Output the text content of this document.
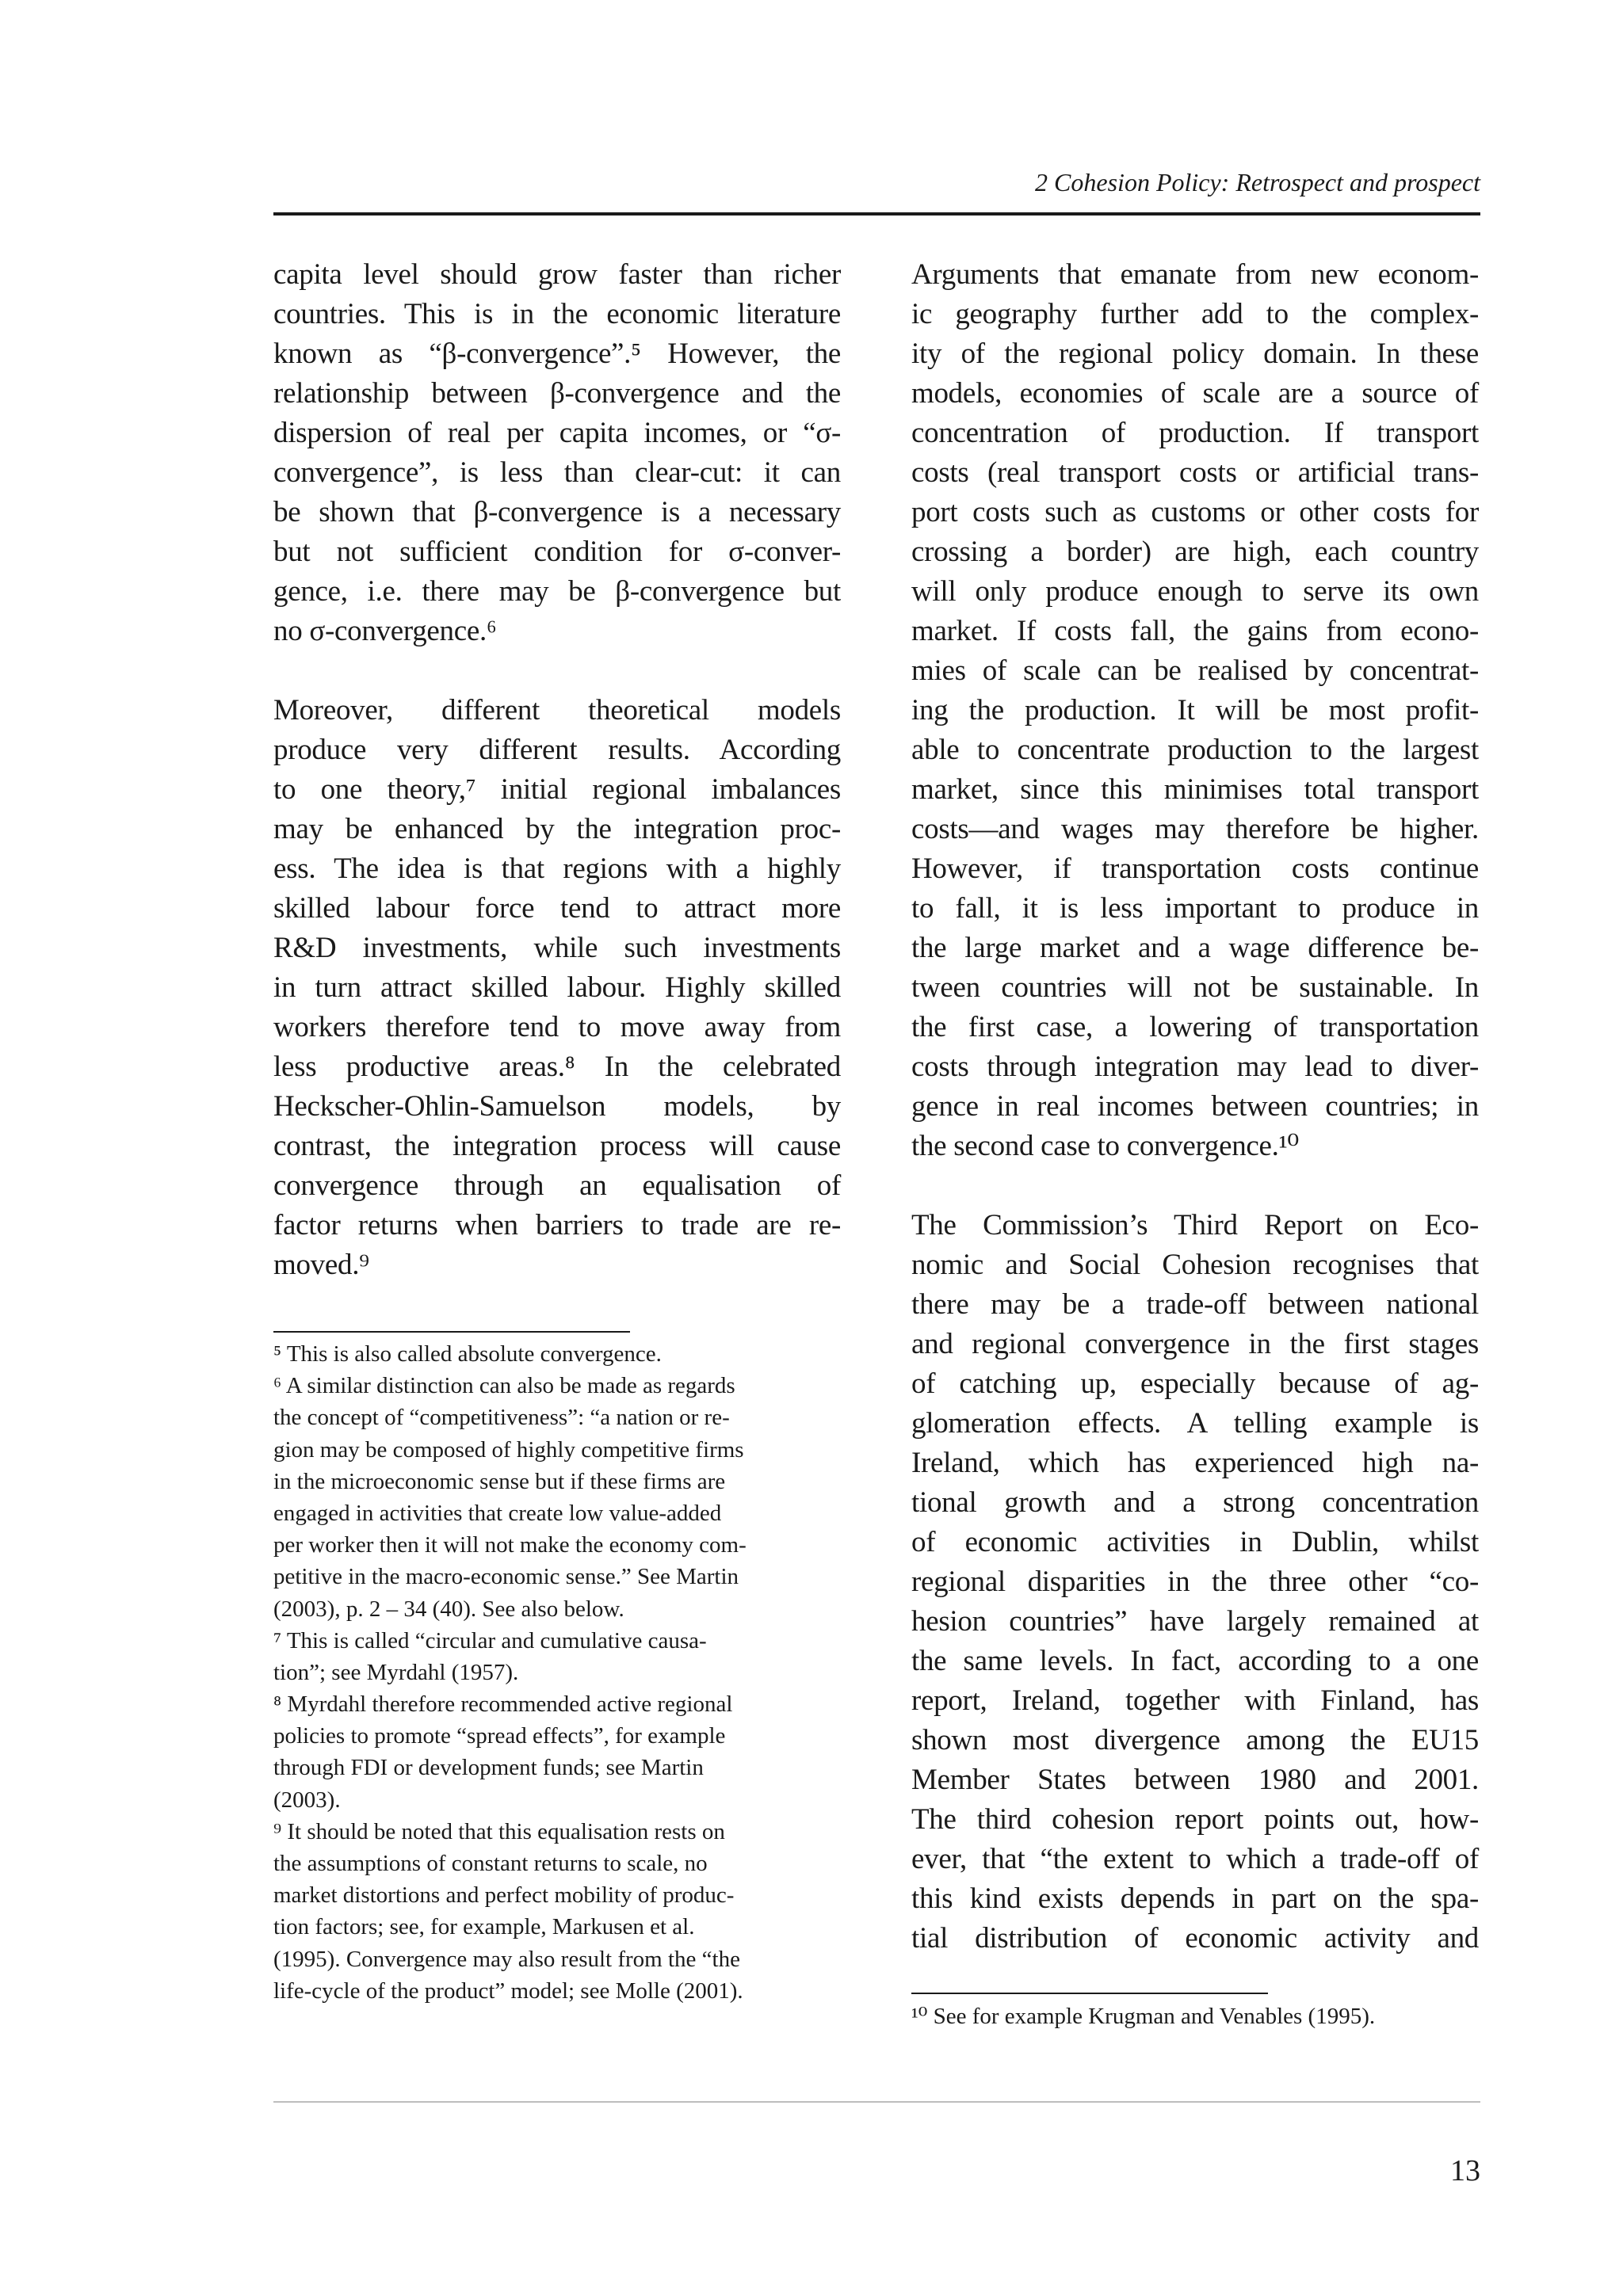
2 Cohesion Policy: Retrospect and prospect
capita level should grow faster than richer
countries. This is in the economic literature
known as “β-convergence”.⁵ However, the
relationship between β-convergence and the
dispersion of real per capita incomes, or “σ-
convergence”, is less than clear-cut: it can
be shown that β-convergence is a necessary
but not sufficient condition for σ-conver-
gence, i.e. there may be β-convergence but
no σ-convergence.⁶
Moreover, different theoretical models
produce very different results. According
to one theory,⁷ initial regional imbalances
may be enhanced by the integration proc-
ess. The idea is that regions with a highly
skilled labour force tend to attract more
R&D investments, while such investments
in turn attract skilled labour. Highly skilled
workers therefore tend to move away from
less productive areas.⁸ In the celebrated
Heckscher-Ohlin-Samuelson models, by
contrast, the integration process will cause
convergence through an equalisation of
factor returns when barriers to trade are re-
moved.⁹
Arguments that emanate from new econom-
ic geography further add to the complex-
ity of the regional policy domain. In these
models, economies of scale are a source of
concentration of production. If transport
costs (real transport costs or artificial trans-
port costs such as customs or other costs for
crossing a border) are high, each country
will only produce enough to serve its own
market. If costs fall, the gains from econo-
mies of scale can be realised by concentrat-
ing the production. It will be most profit-
able to concentrate production to the largest
market, since this minimises total transport
costs—and wages may therefore be higher.
However, if transportation costs continue
to fall, it is less important to produce in
the large market and a wage difference be-
tween countries will not be sustainable. In
the first case, a lowering of transportation
costs through integration may lead to diver-
gence in real incomes between countries; in
the second case to convergence.¹⁰
The Commission’s Third Report on Eco-
nomic and Social Cohesion recognises that
there may be a trade-off between national
and regional convergence in the first stages
of catching up, especially because of ag-
glomeration effects. A telling example is
Ireland, which has experienced high na-
tional growth and a strong concentration
of economic activities in Dublin, whilst
regional disparities in the three other “co-
hesion countries” have largely remained at
the same levels. In fact, according to a one
report, Ireland, together with Finland, has
shown most divergence among the EU15
Member States between 1980 and 2001.
The third cohesion report points out, how-
ever, that “the extent to which a trade-off of
this kind exists depends in part on the spa-
tial distribution of economic activity and
⁵ This is also called absolute convergence.
⁶ A similar distinction can also be made as regards
the concept of “competitiveness”: “a nation or re-
gion may be composed of highly competitive firms
in the microeconomic sense but if these firms are
engaged in activities that create low value-added
per worker then it will not make the economy com-
petitive in the macro-economic sense.” See Martin
(2003), p. 2 – 34 (40). See also below.
⁷ This is called “circular and cumulative causa-
tion”; see Myrdahl (1957).
⁸ Myrdahl therefore recommended active regional
policies to promote “spread effects”, for example
through FDI or development funds; see Martin
(2003).
⁹ It should be noted that this equalisation rests on
the assumptions of constant returns to scale, no
market distortions and perfect mobility of produc-
tion factors; see, for example, Markusen et al.
(1995). Convergence may also result from the “the
life-cycle of the product” model; see Molle (2001).
¹⁰ See for example Krugman and Venables (1995).
13
